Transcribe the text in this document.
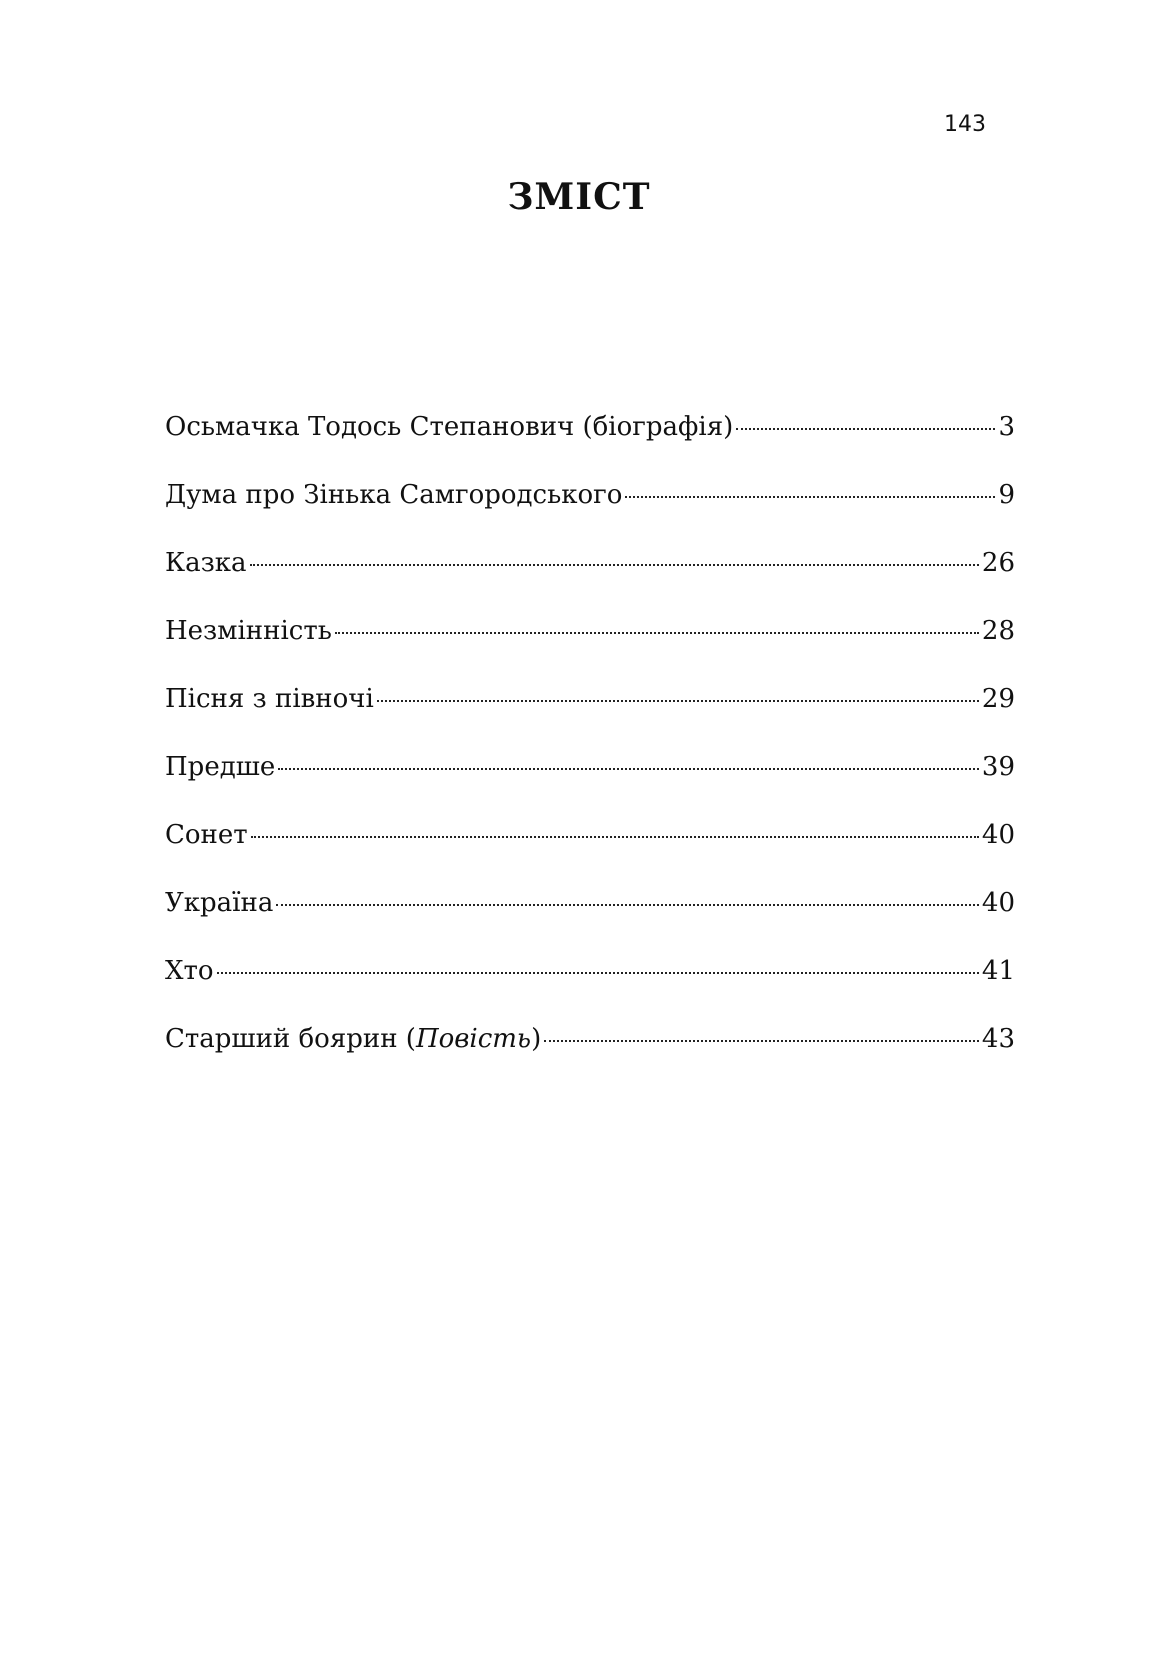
143
ЗМІСТ
Осьмачка Тодось Степанович (біографія)	3
Дума про Зінька Самгородського	9
Казка	26
Незмінність	28
Пісня з півночі	29
Предше	39
Сонет	40
Україна	40
Хто	41
Старший боярин (Повість)	43
